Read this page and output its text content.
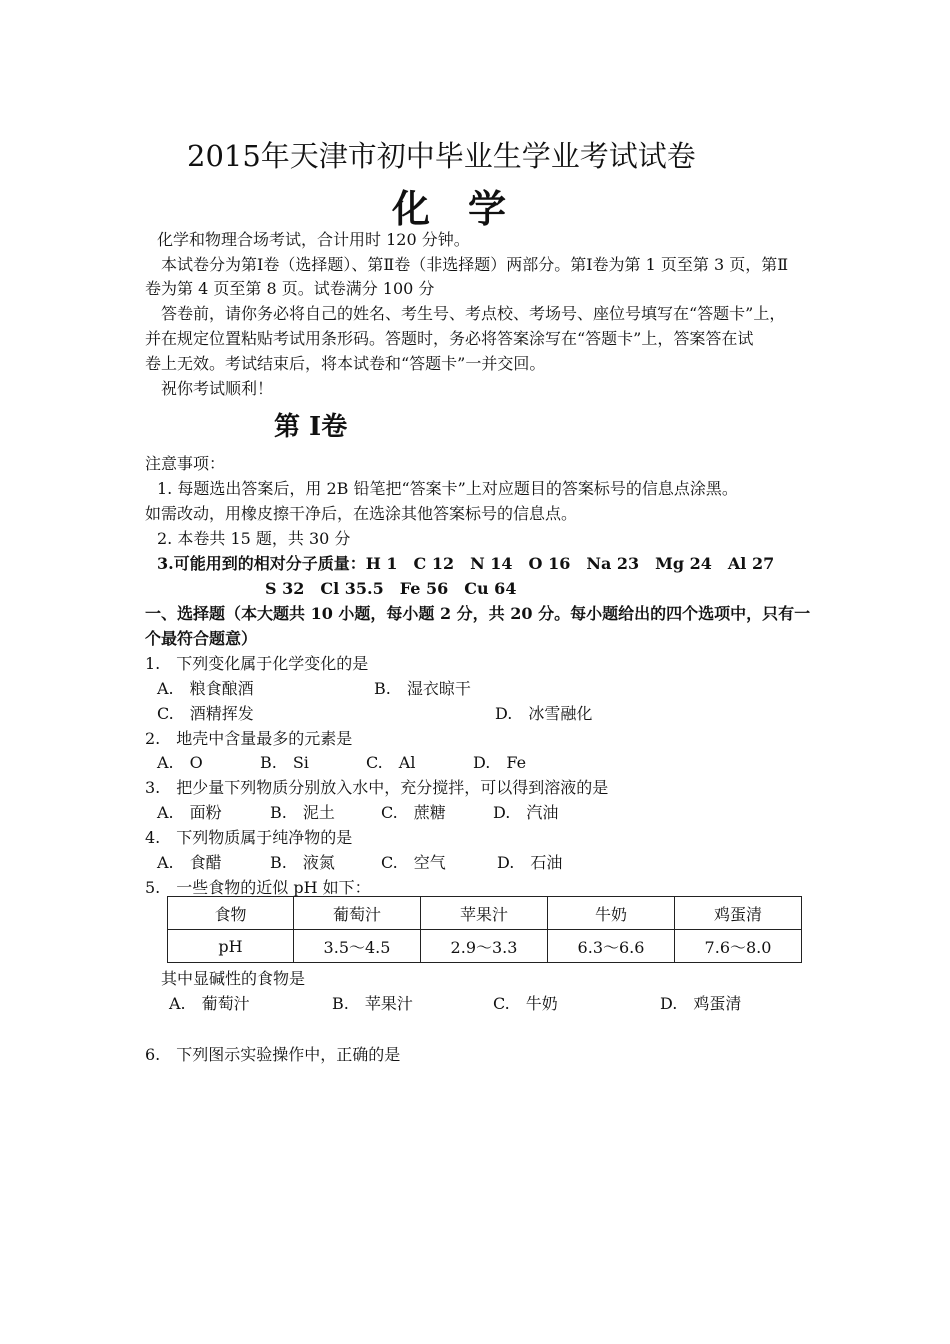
2015年天津市初中毕业生学业考试试卷
化　学
化学和物理合场考试，合计用时 120 分钟。
本试卷分为第Ⅰ卷（选择题）、第Ⅱ卷（非选择题）两部分。第Ⅰ卷为第 1 页至第 3 页，第Ⅱ
卷为第 4 页至第 8 页。试卷满分 100 分
答卷前，请你务必将自己的姓名、考生号、考点校、考场号、座位号填写在“答题卡”上，
并在规定位置粘贴考试用条形码。答题时，务必将答案涂写在“答题卡”上，答案答在试
卷上无效。考试结束后，将本试卷和“答题卡”一并交回。
祝你考试顺利！
第 Ⅰ卷
注意事项：
1. 每题选出答案后，用 2B 铅笔把“答案卡”上对应题目的答案标号的信息点涂黑。
如需改动，用橡皮擦干净后，在选涂其他答案标号的信息点。
2. 本卷共 15 题，共 30 分
3.可能用到的相对分子质量：H 1　C 12　N 14　O 16　Na 23　Mg 24　Al 27
S 32　Cl 35.5　Fe 56　Cu 64
一、选择题（本大题共 10 小题，每小题 2 分，共 20 分。每小题给出的四个选项中，只有一
个最符合题意）
1.　下列变化属于化学变化的是
A.　粮食酿酒	B.　湿衣晾干
C.　酒精挥发	D.　冰雪融化
2.　地壳中含量最多的元素是
A.　O	B.　Si	C.　Al	D.　Fe
3.　把少量下列物质分别放入水中，充分搅拌，可以得到溶液的是
A.　面粉	B.　泥土	C.　蔗糖	D.　汽油
4.　下列物质属于纯净物的是
A.　食醋	B.　液氮	C.　空气	D.　石油
5.　一些食物的近似 pH 如下：
食物	葡萄汁	苹果汁	牛奶	鸡蛋清
pH	3.5～4.5	2.9～3.3	6.3～6.6	7.6～8.0
其中显碱性的食物是
A.　葡萄汁	B.　苹果汁	C.　牛奶	D.　鸡蛋清
6.　下列图示实验操作中，正确的是
